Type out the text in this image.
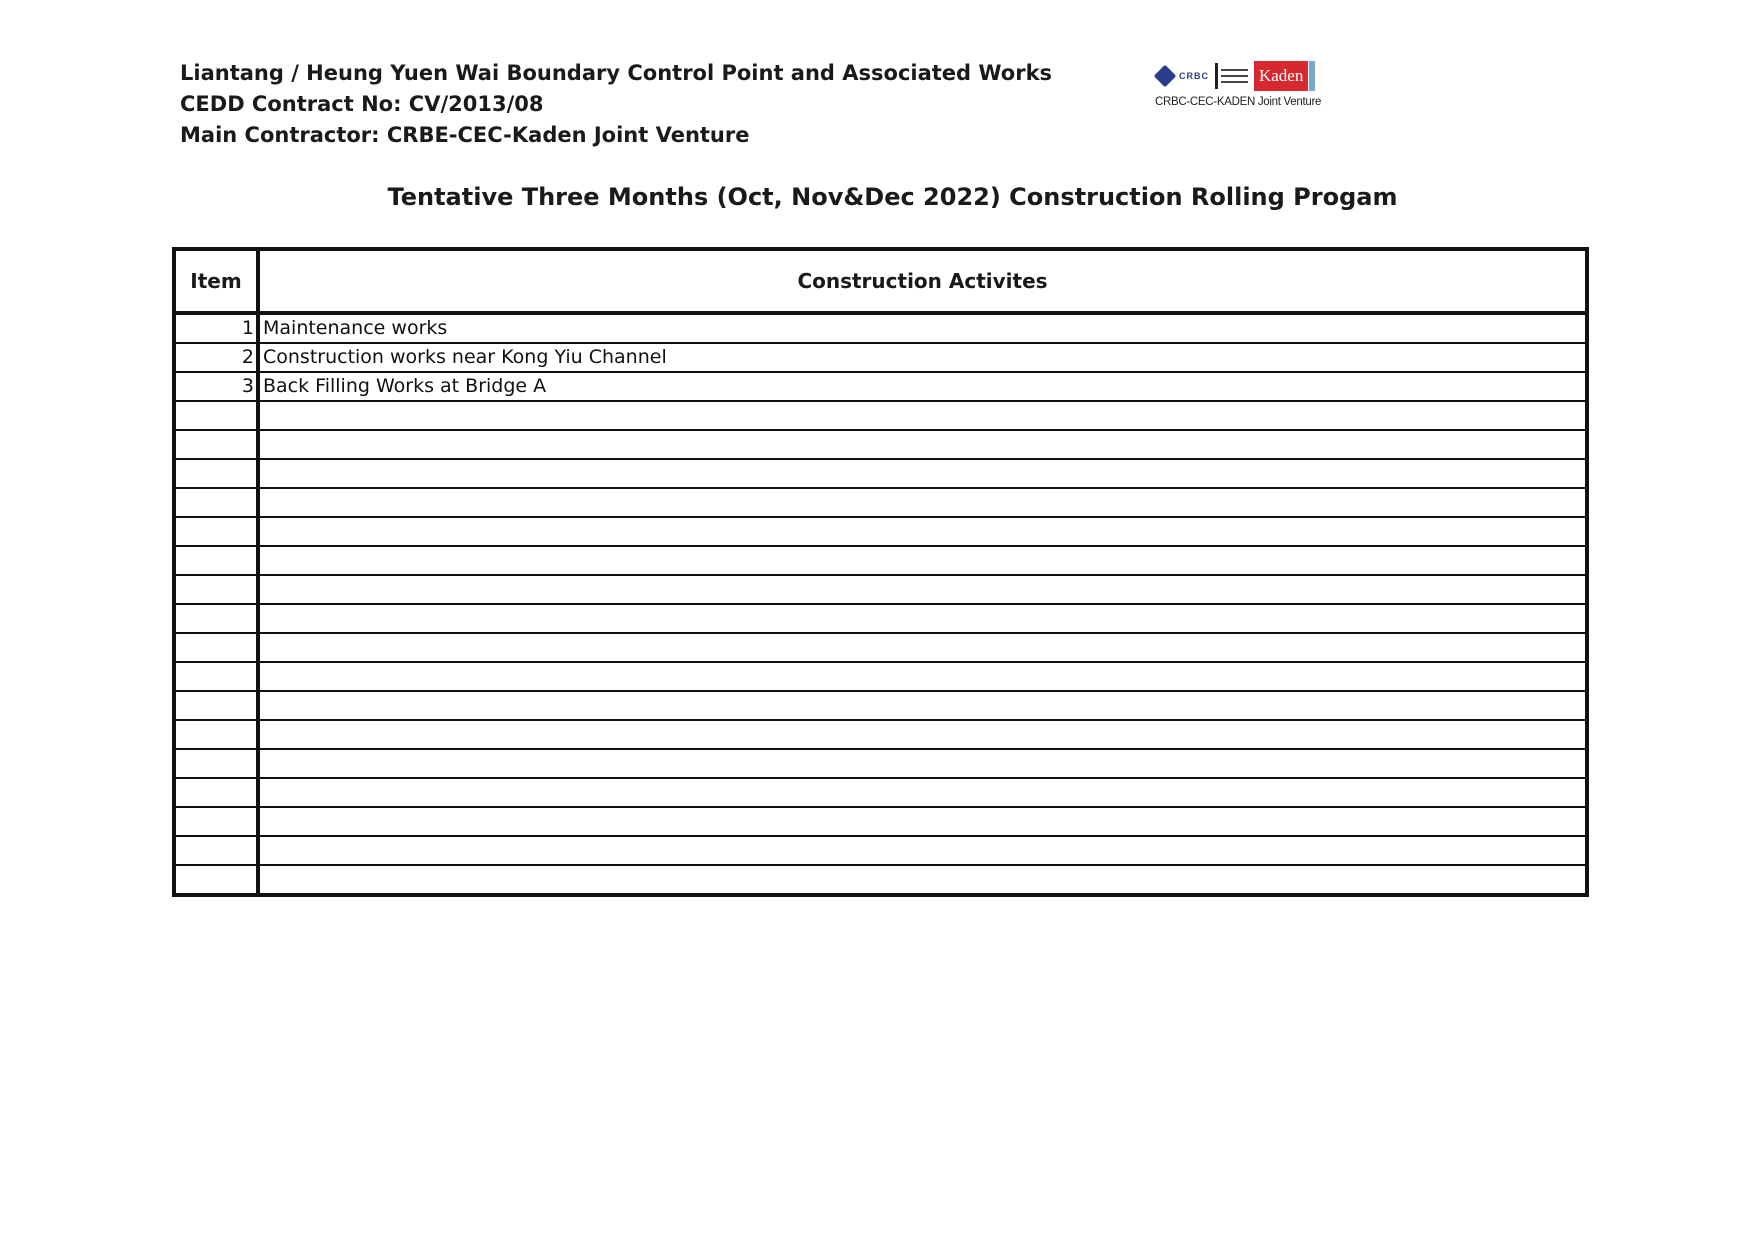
Liantang / Heung Yuen Wai Boundary Control Point and Associated Works
CEDD Contract No: CV/2013/08
Main Contractor: CRBE-CEC-Kaden Joint Venture
CRBC	Kaden
CRBC-CEC-KADEN Joint Venture
Tentative Three Months (Oct, Nov&Dec 2022) Construction Rolling Progam
Item	Construction Activites
1	Maintenance works
2	Construction works near Kong Yiu Channel
3	Back Filling Works at Bridge A
